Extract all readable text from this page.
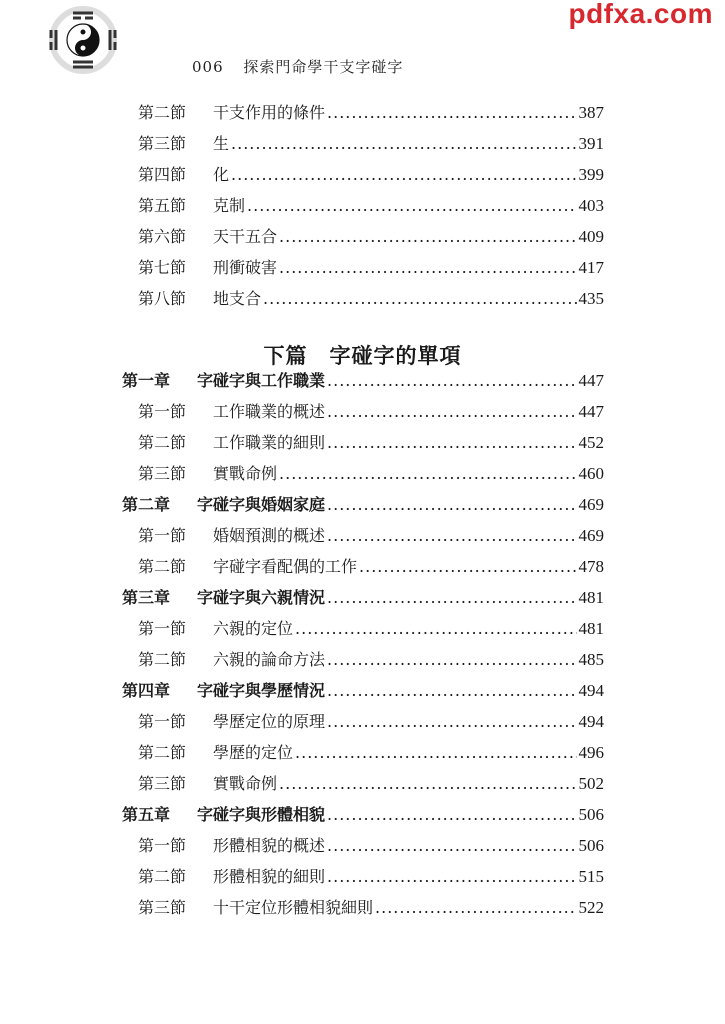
pdfxa.com
006 探索門命學干支字碰字
下篇　字碰字的單項
第二節	干支作用的條件 .....	387
第三節	生 .....	391
第四節	化 .....	399
第五節	克制 .....	403
第六節	天干五合 .....	409
第七節	刑衝破害 .....	417
第八節	地支合 .....	435
第一章	字碰字與工作職業 .....	447
第一節	工作職業的概述 .....	447
第二節	工作職業的細則 .....	452
第三節	實戰命例 .....	460
第二章	字碰字與婚姻家庭 .....	469
第一節	婚姻預測的概述 .....	469
第二節	字碰字看配偶的工作 .....	478
第三章	字碰字與六親情況 .....	481
第一節	六親的定位 .....	481
第二節	六親的論命方法 .....	485
第四章	字碰字與學歷情況 .....	494
第一節	學歷定位的原理 .....	494
第二節	學歷的定位 .....	496
第三節	實戰命例 .....	502
第五章	字碰字與形體相貌 .....	506
第一節	形體相貌的概述 .....	506
第二節	形體相貌的細則 .....	515
第三節	十干定位形體相貌細則 .....	522
